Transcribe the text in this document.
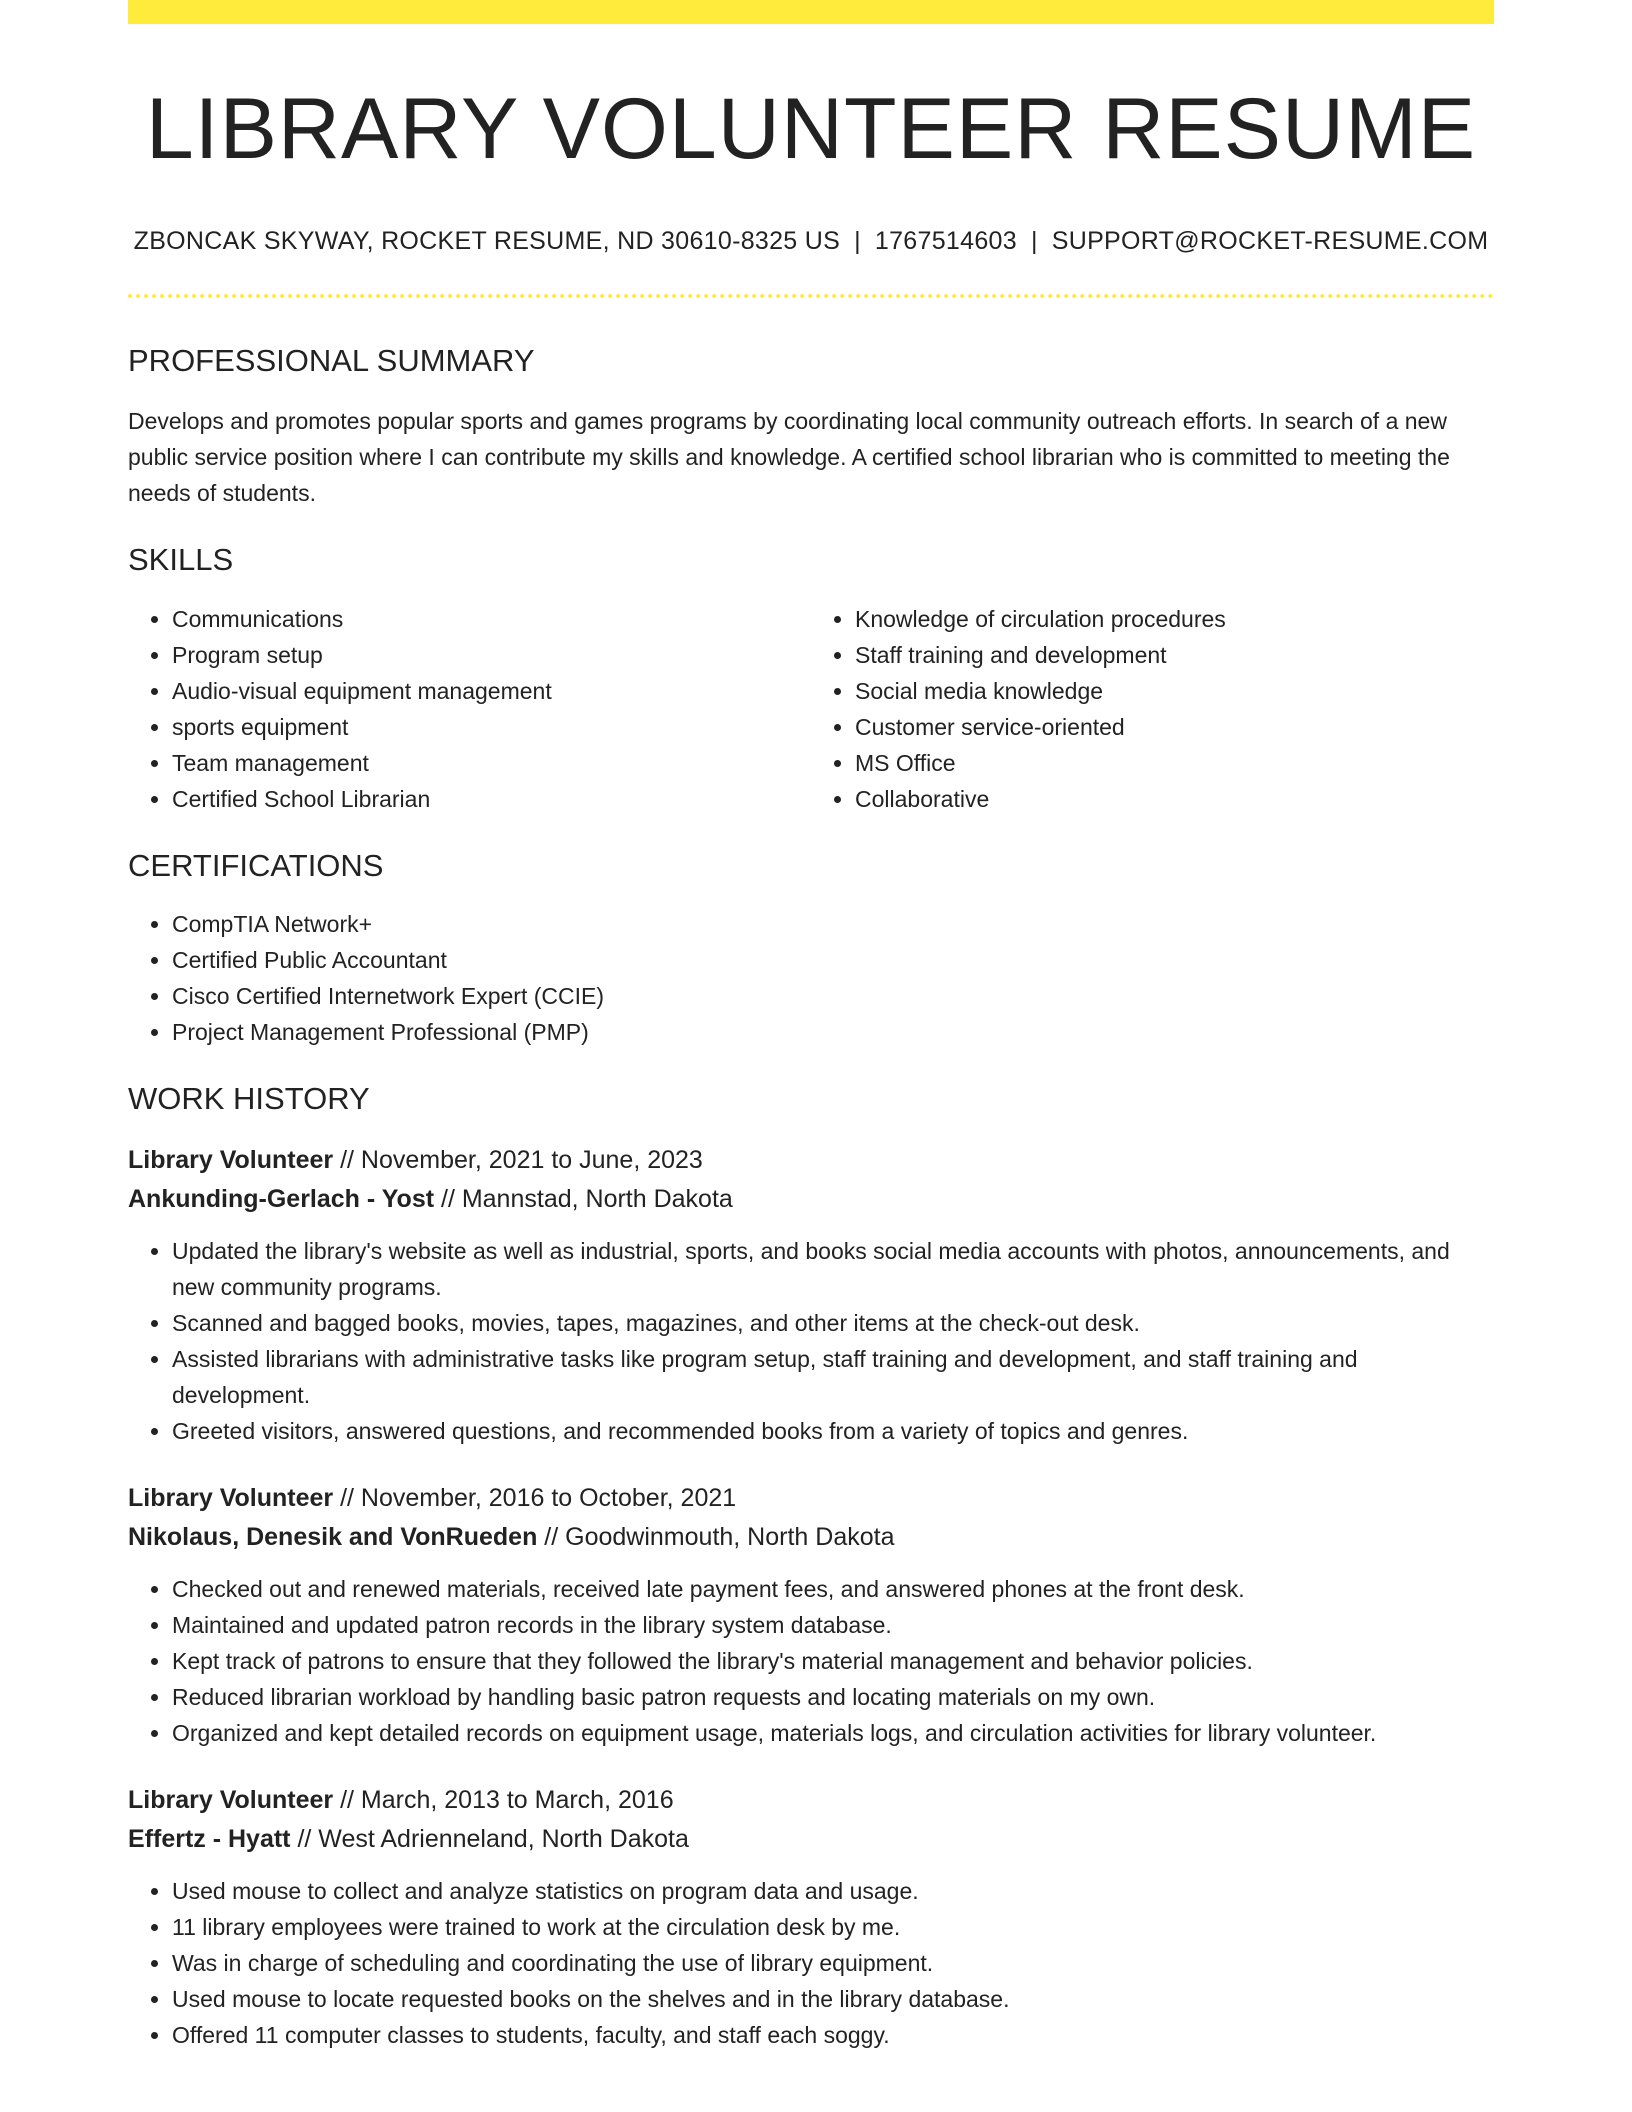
LIBRARY VOLUNTEER RESUME
ZBONCAK SKYWAY, ROCKET RESUME, ND 30610-8325 US | 1767514603 | SUPPORT@ROCKET-RESUME.COM
PROFESSIONAL SUMMARY

Develops and promotes popular sports and games programs by coordinating local community outreach efforts. In search of a new public service position where I can contribute my skills and knowledge. A certified school librarian who is committed to meeting the needs of students.

SKILLS
• Communications
• Program setup
• Audio-visual equipment management
• sports equipment
• Team management
• Certified School Librarian
• Knowledge of circulation procedures
• Staff training and development
• Social media knowledge
• Customer service-oriented
• MS Office
• Collaborative
CERTIFICATIONS
• CompTIA Network+
• Certified Public Accountant
• Cisco Certified Internetwork Expert (CCIE)
• Project Management Professional (PMP)
WORK HISTORY
Library Volunteer // November, 2021 to June, 2023
Ankunding-Gerlach - Yost // Mannstad, North Dakota
• Updated the library's website as well as industrial, sports, and books social media accounts with photos, announcements, and new community programs.
• Scanned and bagged books, movies, tapes, magazines, and other items at the check-out desk.
• Assisted librarians with administrative tasks like program setup, staff training and development, and staff training and development.
• Greeted visitors, answered questions, and recommended books from a variety of topics and genres.
Library Volunteer // November, 2016 to October, 2021
Nikolaus, Denesik and VonRueden // Goodwinmouth, North Dakota
• Checked out and renewed materials, received late payment fees, and answered phones at the front desk.
• Maintained and updated patron records in the library system database.
• Kept track of patrons to ensure that they followed the library's material management and behavior policies.
• Reduced librarian workload by handling basic patron requests and locating materials on my own.
• Organized and kept detailed records on equipment usage, materials logs, and circulation activities for library volunteer.
Library Volunteer // March, 2013 to March, 2016
Effertz - Hyatt // West Adrienneland, North Dakota
• Used mouse to collect and analyze statistics on program data and usage.
• 11 library employees were trained to work at the circulation desk by me.
• Was in charge of scheduling and coordinating the use of library equipment.
• Used mouse to locate requested books on the shelves and in the library database.
• Offered 11 computer classes to students, faculty, and staff each soggy.
